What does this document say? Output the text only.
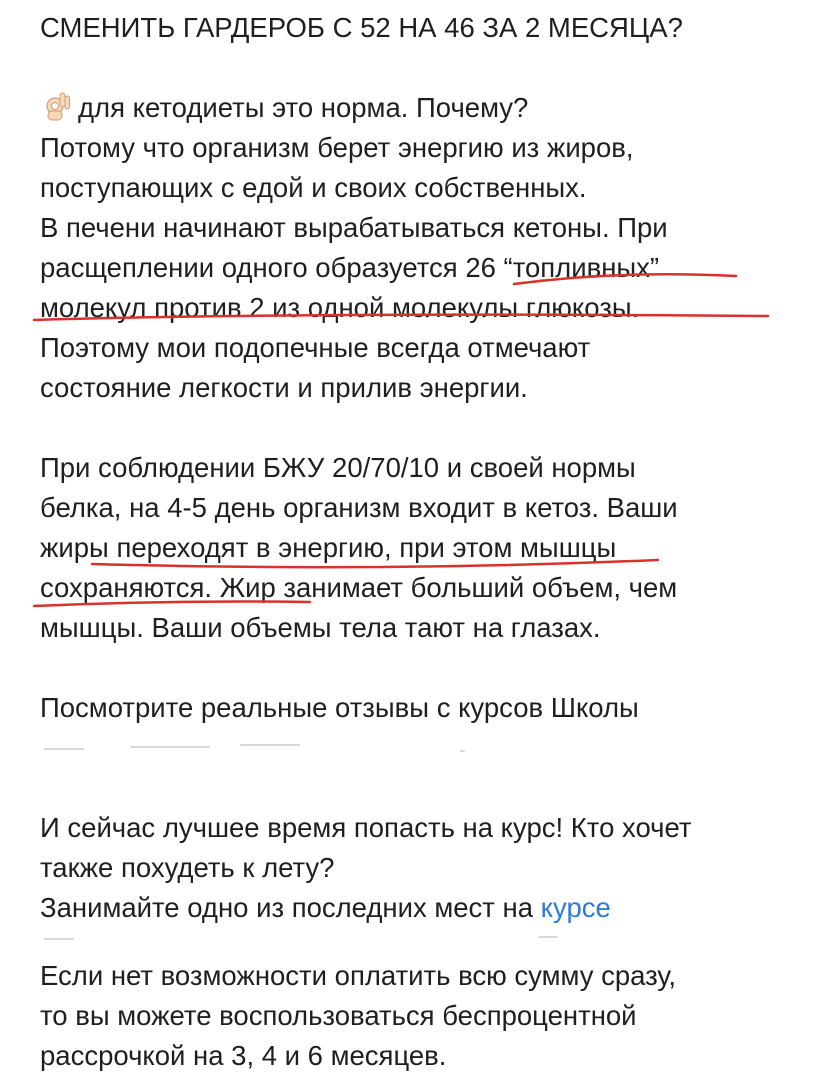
СМЕНИТЬ ГАРДЕРОБ С 52 НА 46 ЗА 2 МЕСЯЦА?
для кетодиеты это норма. Почему?
Потому что организм берет энергию из жиров,
поступающих с едой и своих собственных.
В печени начинают вырабатываться кетоны. При
расщеплении одного образуется 26 “топливных”
молекул против 2 из одной молекулы глюкозы.
Поэтому мои подопечные всегда отмечают
состояние легкости и прилив энергии.
При соблюдении БЖУ 20/70/10 и своей нормы
белка, на 4-5 день организм входит в кетоз. Ваши
жиры переходят в энергию, при этом мышцы
сохраняются. Жир занимает больший объем, чем
мышцы. Ваши объемы тела тают на глазах.
Посмотрите реальные отзывы с курсов Школы
И сейчас лучшее время попасть на курс! Кто хочет
также похудеть к лету?
Занимайте одно из последних мест на курсе
Если нет возможности оплатить всю сумму сразу,
то вы можете воспользоваться беспроцентной
рассрочкой на 3, 4 и 6 месяцев.
